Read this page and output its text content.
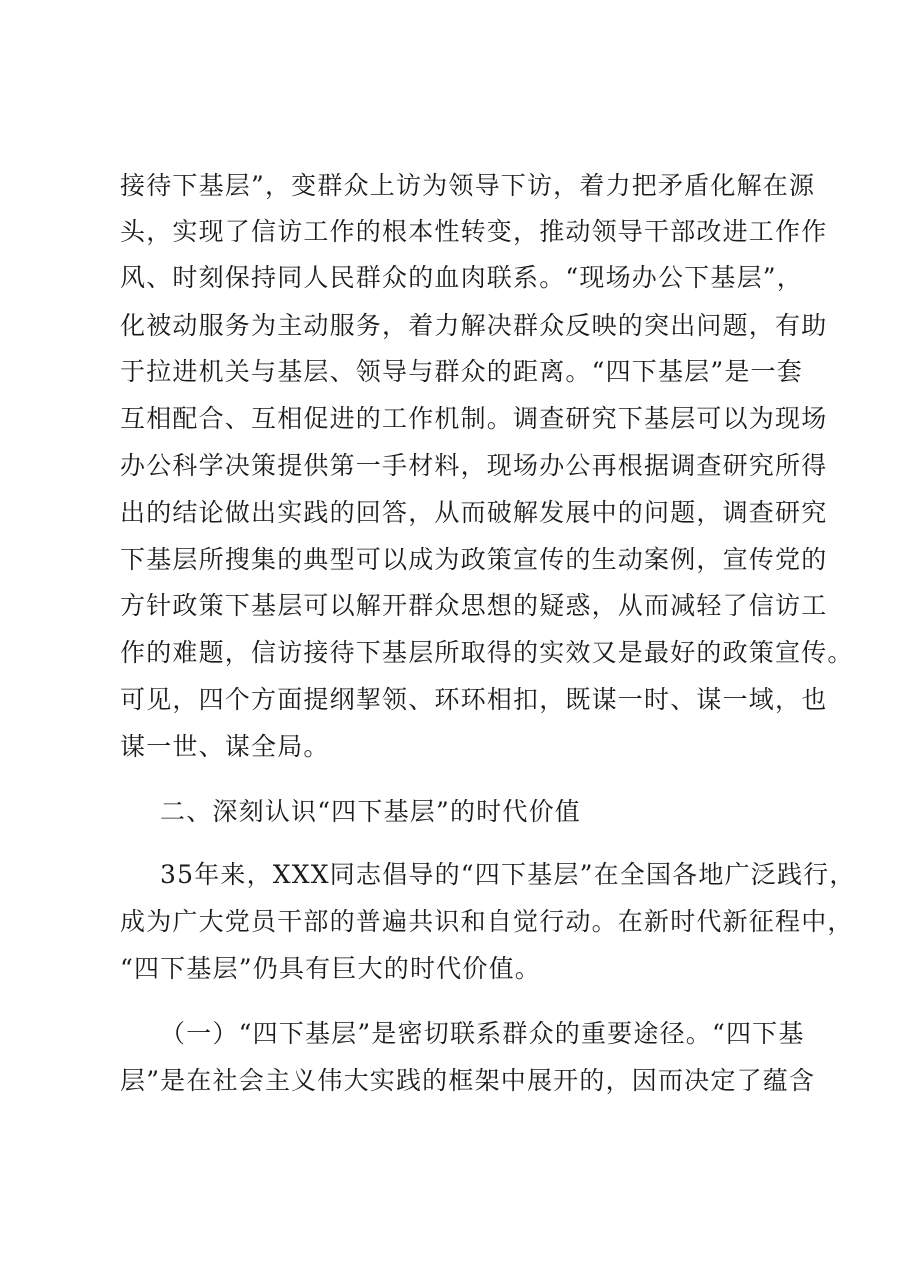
接待下基层”，变群众上访为领导下访，着力把矛盾化解在源
头，实现了信访工作的根本性转变，推动领导干部改进工作作
风、时刻保持同人民群众的血肉联系。“现场办公下基层”，
化被动服务为主动服务，着力解决群众反映的突出问题，有助
于拉进机关与基层、领导与群众的距离。“四下基层”是一套
互相配合、互相促进的工作机制。调查研究下基层可以为现场
办公科学决策提供第一手材料，现场办公再根据调查研究所得
出的结论做出实践的回答，从而破解发展中的问题，调查研究
下基层所搜集的典型可以成为政策宣传的生动案例，宣传党的
方针政策下基层可以解开群众思想的疑惑，从而减轻了信访工
作的难题，信访接待下基层所取得的实效又是最好的政策宣传。
可见，四个方面提纲挈领、环环相扣，既谋一时、谋一域，也
谋一世、谋全局。
二、深刻认识“四下基层”的时代价值
35年来，XXX同志倡导的“四下基层”在全国各地广泛践行，
成为广大党员干部的普遍共识和自觉行动。在新时代新征程中，
“四下基层”仍具有巨大的时代价值。
（一）“四下基层”是密切联系群众的重要途径。“四下基
层”是在社会主义伟大实践的框架中展开的，因而决定了蕴含
